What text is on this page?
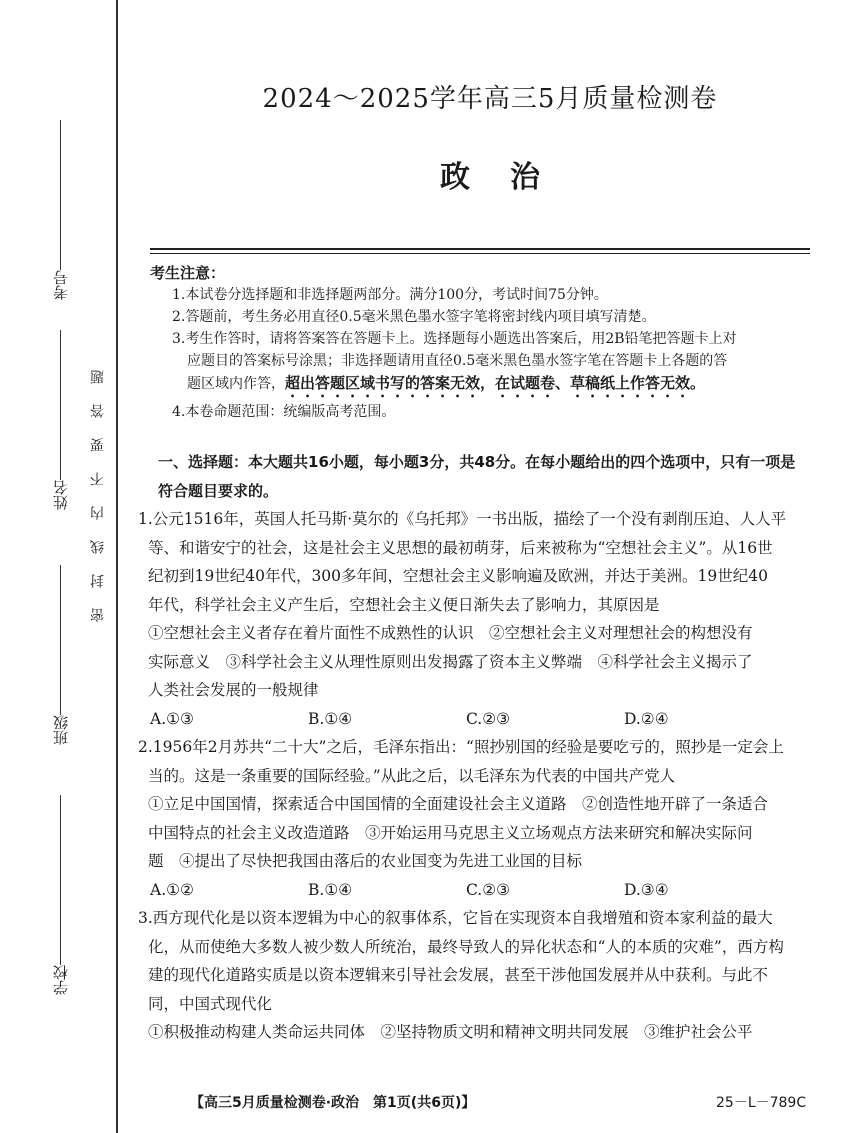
考号
姓名
班级
学校
题
答
要
不
内
线
封
密
2024～2025学年高三5月质量检测卷
政治
考生注意：
1.本试卷分选择题和非选择题两部分。满分100分，考试时间75分钟。
2.答题前，考生务必用直径0.5毫米黑色墨水签字笔将密封线内项目填写清楚。
3.考生作答时，请将答案答在答题卡上。选择题每小题选出答案后，用2B铅笔把答题卡上对
应题目的答案标号涂黑；非选择题请用直径0.5毫米黑色墨水签字笔在答题卡上各题的答
题区域内作答，超出答题区域书写的答案无效，在试题卷、草稿纸上作答无效。
4.本卷命题范围：统编版高考范围。
一、选择题：本大题共16小题，每小题3分，共48分。在每小题给出的四个选项中，只有一项是
符合题目要求的。
1.公元1516年，英国人托马斯·莫尔的《乌托邦》一书出版，描绘了一个没有剥削压迫、人人平
等、和谐安宁的社会，这是社会主义思想的最初萌芽，后来被称为“空想社会主义”。从16世
纪初到19世纪40年代，300多年间，空想社会主义影响遍及欧洲，并达于美洲。19世纪40
年代，科学社会主义产生后，空想社会主义便日渐失去了影响力，其原因是
①空想社会主义者存在着片面性不成熟性的认识　②空想社会主义对理想社会的构想没有
实际意义　③科学社会主义从理性原则出发揭露了资本主义弊端　④科学社会主义揭示了
人类社会发展的一般规律
A.①③	B.①④	C.②③	D.②④
2.1956年2月苏共“二十大”之后，毛泽东指出：“照抄别国的经验是要吃亏的，照抄是一定会上
当的。这是一条重要的国际经验。”从此之后，以毛泽东为代表的中国共产党人
①立足中国国情，探索适合中国国情的全面建设社会主义道路　②创造性地开辟了一条适合
中国特点的社会主义改造道路　③开始运用马克思主义立场观点方法来研究和解决实际问
题　④提出了尽快把我国由落后的农业国变为先进工业国的目标
A.①②	B.①④	C.②③	D.③④
3.西方现代化是以资本逻辑为中心的叙事体系，它旨在实现资本自我增殖和资本家利益的最大
化，从而使绝大多数人被少数人所统治，最终导致人的异化状态和“人的本质的灾难”，西方构
建的现代化道路实质是以资本逻辑来引导社会发展，甚至干涉他国发展并从中获利。与此不
同，中国式现代化
①积极推动构建人类命运共同体　②坚持物质文明和精神文明共同发展　③维护社会公平
【高三5月质量检测卷·政治　第1页(共6页)】	25－L－789C
